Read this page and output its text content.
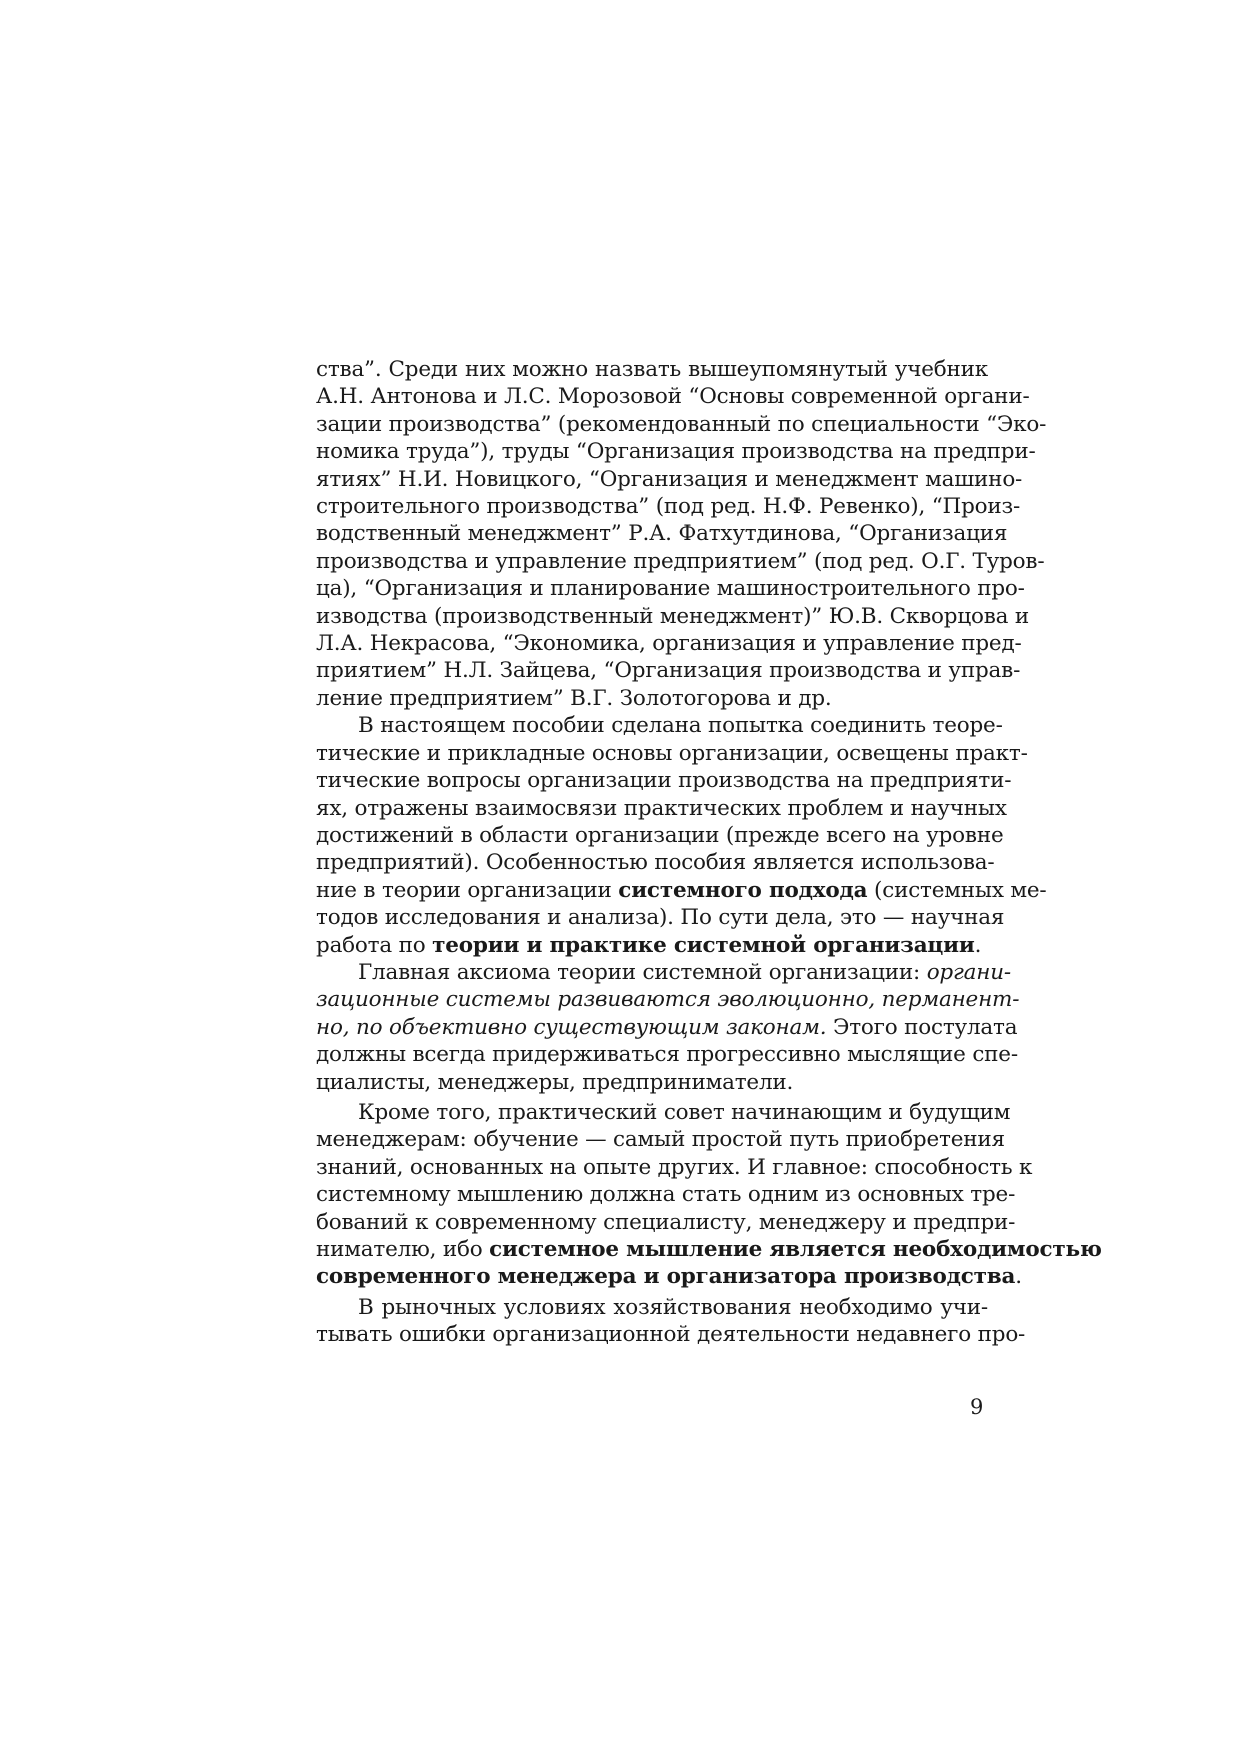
ства”. Среди них можно назвать вышеупомянутый учебник
А.Н. Антонова и Л.С. Морозовой “Основы современной органи-
зации производства” (рекомендованный по специальности “Эко-
номика труда”), труды “Организация производства на предпри-
ятиях” Н.И. Новицкого, “Организация и менеджмент машино-
строительного производства” (под ред. Н.Ф. Ревенко), “Произ-
водственный менеджмент” Р.А. Фатхутдинова, “Организация
производства и управление предприятием” (под ред. О.Г. Туров-
ца), “Организация и планирование машиностроительного про-
изводства (производственный менеджмент)” Ю.В. Скворцова и
Л.А. Некрасова, “Экономика, организация и управление пред-
приятием” Н.Л. Зайцева, “Организация производства и управ-
ление предприятием” В.Г. Золотогорова и др.
В настоящем пособии сделана попытка соединить теоре-
тические и прикладные основы организации, освещены практ-
тические вопросы организации производства на предприяти-
ях, отражены взаимосвязи практических проблем и научных
достижений в области организации (прежде всего на уровне
предприятий). Особенностью пособия является использова-
ние в теории организации системного подхода (системных ме-
тодов исследования и анализа). По сути дела, это — научная
работа по теории и практике системной организации.
Главная аксиома теории системной организации: органи-
зационные системы развиваются эволюционно, перманент-
но, по объективно существующим законам. Этого постулата
должны всегда придерживаться прогрессивно мыслящие спе-
циалисты, менеджеры, предприниматели.
Кроме того, практический совет начинающим и будущим
менеджерам: обучение — самый простой путь приобретения
знаний, основанных на опыте других. И главное: способность к
системному мышлению должна стать одним из основных тре-
бований к современному специалисту, менеджеру и предпри-
нимателю, ибо системное мышление является необходимостью
современного менеджера и организатора производства.
В рыночных условиях хозяйствования необходимо учи-
тывать ошибки организационной деятельности недавнего про-
9
